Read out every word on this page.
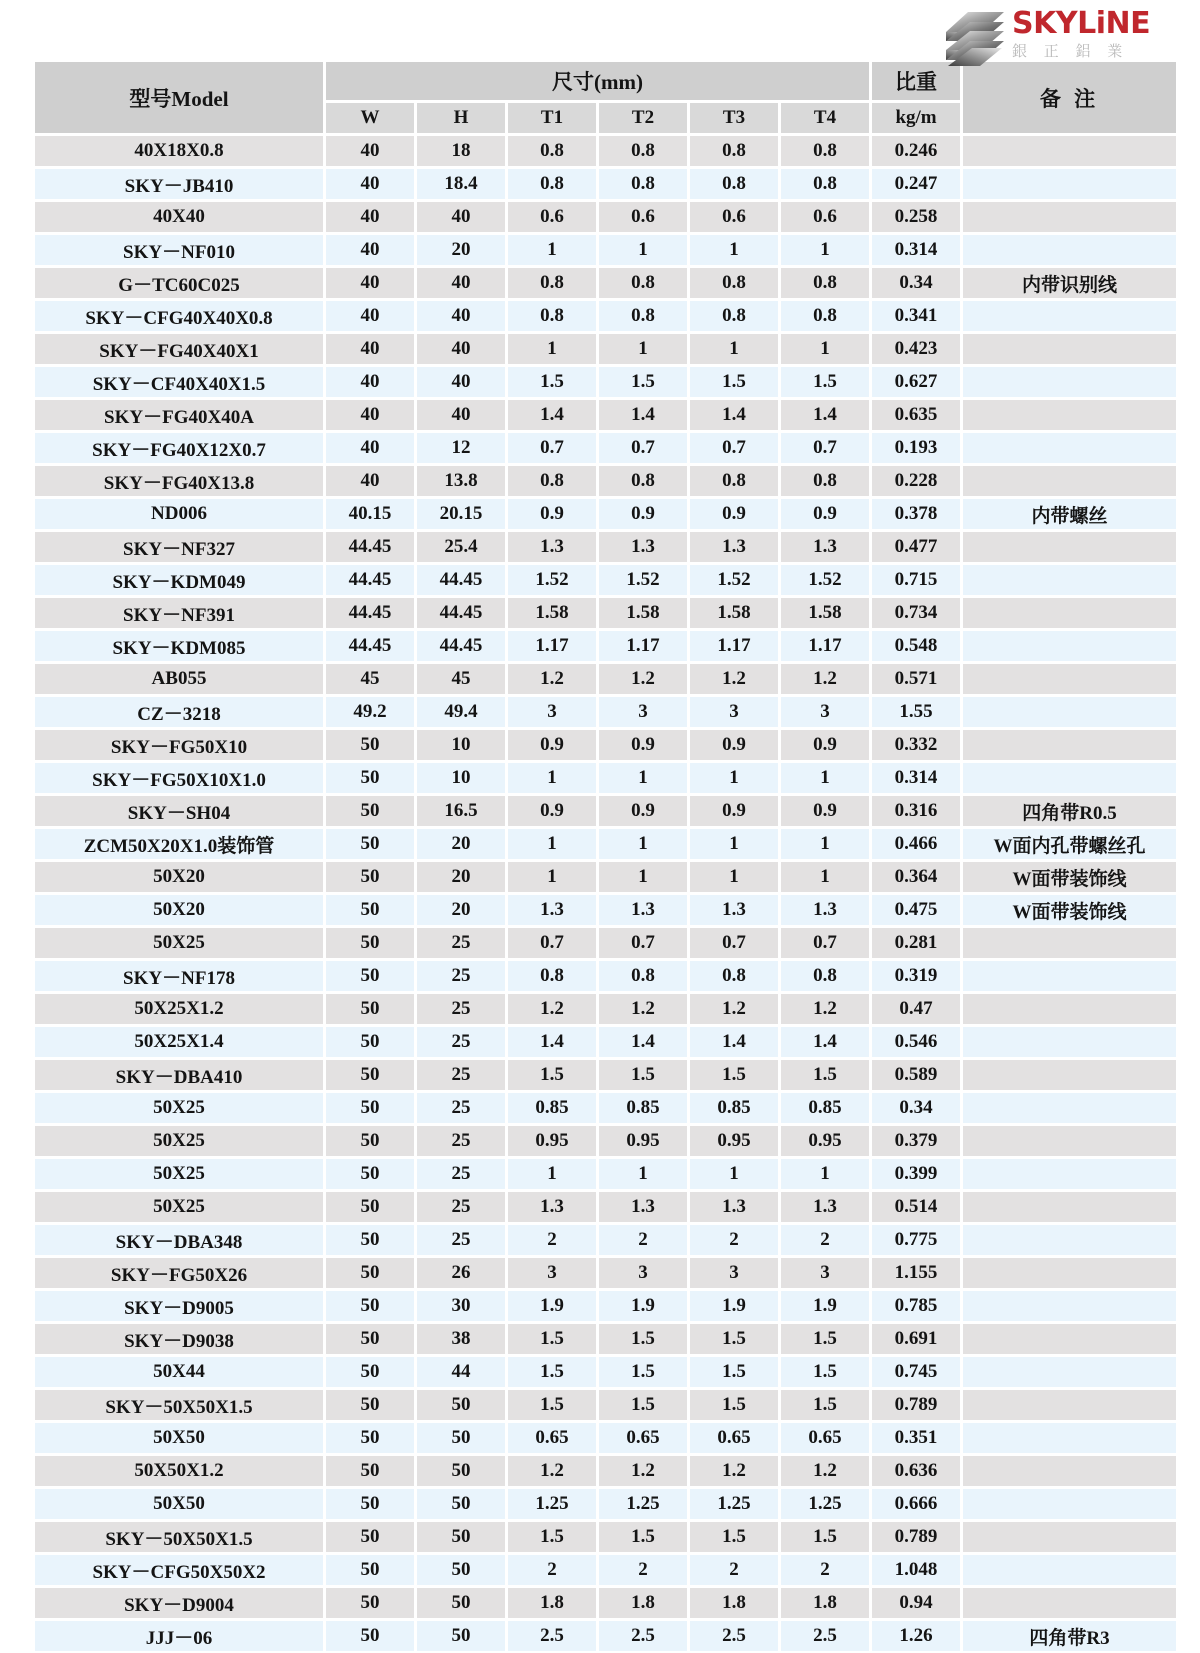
SKYLiNE
銀 正 鋁 業
型号Model	尺寸(mm)						比重	备 注
	W	H	T1	T2	T3	T4	kg/m	
40X18X0.8	40	18	0.8	0.8	0.8	0.8	0.246	
SKY－JB410	40	18.4	0.8	0.8	0.8	0.8	0.247	
40X40	40	40	0.6	0.6	0.6	0.6	0.258	
SKY－NF010	40	20	1	1	1	1	0.314	
G－TC60C025	40	40	0.8	0.8	0.8	0.8	0.34	内带识别线
SKY－CFG40X40X0.8	40	40	0.8	0.8	0.8	0.8	0.341	
SKY－FG40X40X1	40	40	1	1	1	1	0.423	
SKY－CF40X40X1.5	40	40	1.5	1.5	1.5	1.5	0.627	
SKY－FG40X40A	40	40	1.4	1.4	1.4	1.4	0.635	
SKY－FG40X12X0.7	40	12	0.7	0.7	0.7	0.7	0.193	
SKY－FG40X13.8	40	13.8	0.8	0.8	0.8	0.8	0.228	
ND006	40.15	20.15	0.9	0.9	0.9	0.9	0.378	内带螺丝
SKY－NF327	44.45	25.4	1.3	1.3	1.3	1.3	0.477	
SKY－KDM049	44.45	44.45	1.52	1.52	1.52	1.52	0.715	
SKY－NF391	44.45	44.45	1.58	1.58	1.58	1.58	0.734	
SKY－KDM085	44.45	44.45	1.17	1.17	1.17	1.17	0.548	
AB055	45	45	1.2	1.2	1.2	1.2	0.571	
CZ－3218	49.2	49.4	3	3	3	3	1.55	
SKY－FG50X10	50	10	0.9	0.9	0.9	0.9	0.332	
SKY－FG50X10X1.0	50	10	1	1	1	1	0.314	
SKY－SH04	50	16.5	0.9	0.9	0.9	0.9	0.316	四角带R0.5
ZCM50X20X1.0装饰管	50	20	1	1	1	1	0.466	W面内孔带螺丝孔
50X20	50	20	1	1	1	1	0.364	W面带装饰线
50X20	50	20	1.3	1.3	1.3	1.3	0.475	W面带装饰线
50X25	50	25	0.7	0.7	0.7	0.7	0.281	
SKY－NF178	50	25	0.8	0.8	0.8	0.8	0.319	
50X25X1.2	50	25	1.2	1.2	1.2	1.2	0.47	
50X25X1.4	50	25	1.4	1.4	1.4	1.4	0.546	
SKY－DBA410	50	25	1.5	1.5	1.5	1.5	0.589	
50X25	50	25	0.85	0.85	0.85	0.85	0.34	
50X25	50	25	0.95	0.95	0.95	0.95	0.379	
50X25	50	25	1	1	1	1	0.399	
50X25	50	25	1.3	1.3	1.3	1.3	0.514	
SKY－DBA348	50	25	2	2	2	2	0.775	
SKY－FG50X26	50	26	3	3	3	3	1.155	
SKY－D9005	50	30	1.9	1.9	1.9	1.9	0.785	
SKY－D9038	50	38	1.5	1.5	1.5	1.5	0.691	
50X44	50	44	1.5	1.5	1.5	1.5	0.745	
SKY－50X50X1.5	50	50	1.5	1.5	1.5	1.5	0.789	
50X50	50	50	0.65	0.65	0.65	0.65	0.351	
50X50X1.2	50	50	1.2	1.2	1.2	1.2	0.636	
50X50	50	50	1.25	1.25	1.25	1.25	0.666	
SKY－50X50X1.5	50	50	1.5	1.5	1.5	1.5	0.789	
SKY－CFG50X50X2	50	50	2	2	2	2	1.048	
SKY－D9004	50	50	1.8	1.8	1.8	1.8	0.94	
JJJ－06	50	50	2.5	2.5	2.5	2.5	1.26	四角带R3
